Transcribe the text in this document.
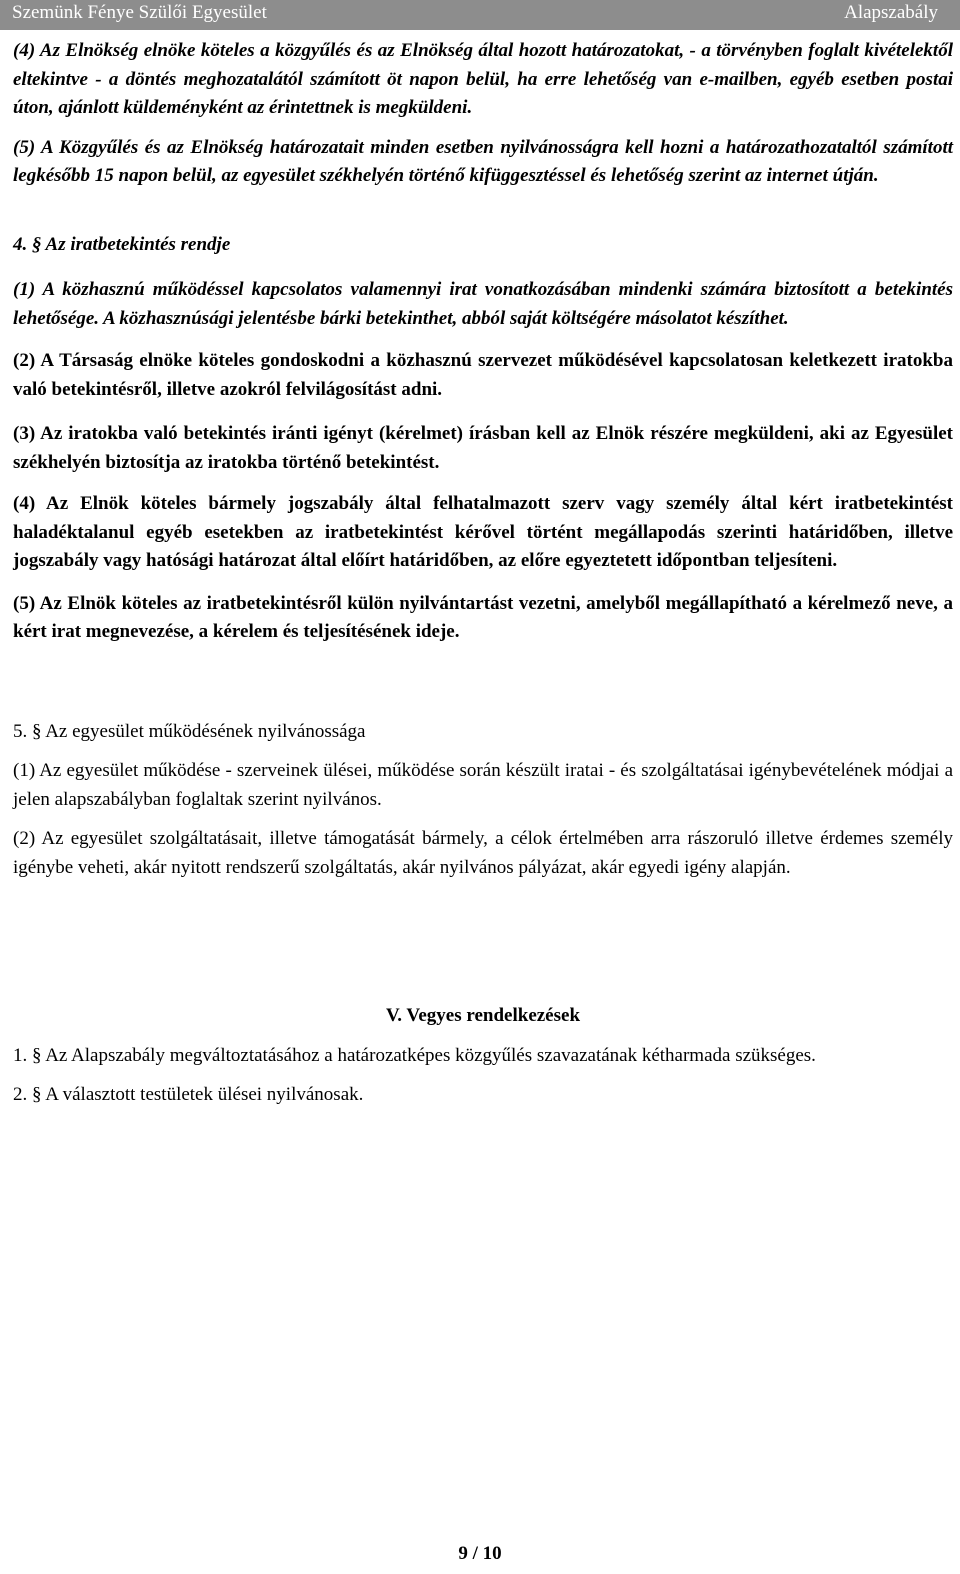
Szemünk Fénye Szülői Egyesület	Alapszabály

(4) Az Elnökség elnöke köteles a közgyűlés és az Elnökség által hozott határozatokat, - a törvényben foglalt kivételektől eltekintve - a döntés meghozatalától számított öt napon belül, ha erre lehetőség van e-mailben, egyéb esetben postai úton, ajánlott küldeményként az érintettnek is megküldeni.

(5) A Közgyűlés és az Elnökség határozatait minden esetben nyilvánosságra kell hozni a határozathozataltól számított legkésőbb 15 napon belül, az egyesület székhelyén történő kifüggesztéssel és lehetőség szerint az internet útján.

4. § Az iratbetekintés rendje

(1) A közhasznú működéssel kapcsolatos valamennyi irat vonatkozásában mindenki számára biztosított a betekintés lehetősége. A közhasznúsági jelentésbe bárki betekinthet, abból saját költségére másolatot készíthet.

(2) A Társaság elnöke köteles gondoskodni a közhasznú szervezet működésével kapcsolatosan keletkezett iratokba való betekintésről, illetve azokról felvilágosítást adni.

(3) Az iratokba való betekintés iránti igényt (kérelmet) írásban kell az Elnök részére megküldeni, aki az Egyesület székhelyén biztosítja az iratokba történő betekintést.

(4) Az Elnök köteles bármely jogszabály által felhatalmazott szerv vagy személy által kért iratbetekintést haladéktalanul egyéb esetekben az iratbetekintést kérővel történt megállapodás szerinti határidőben, illetve jogszabály vagy hatósági határozat által előírt határidőben, az előre egyeztetett időpontban teljesíteni.

(5) Az Elnök köteles az iratbetekintésről külön nyilvántartást vezetni, amelyből megállapítható a kérelmező neve, a kért irat megnevezése, a kérelem és teljesítésének ideje.

5. § Az egyesület működésének nyilvánossága

(1) Az egyesület működése - szerveinek ülései, működése során készült iratai - és szolgáltatásai igénybevételének módjai a jelen alapszabályban foglaltak szerint nyilvános.

(2) Az egyesület szolgáltatásait, illetve támogatását bármely, a célok értelmében arra rászoruló illetve érdemes személy igénybe veheti, akár nyitott rendszerű szolgáltatás, akár nyilvános pályázat, akár egyedi igény alapján.

V. Vegyes rendelkezések

1. § Az Alapszabály megváltoztatásához a határozatképes közgyűlés szavazatának kétharmada szükséges.

2. § A választott testületek ülései nyilvánosak.

9 / 10
